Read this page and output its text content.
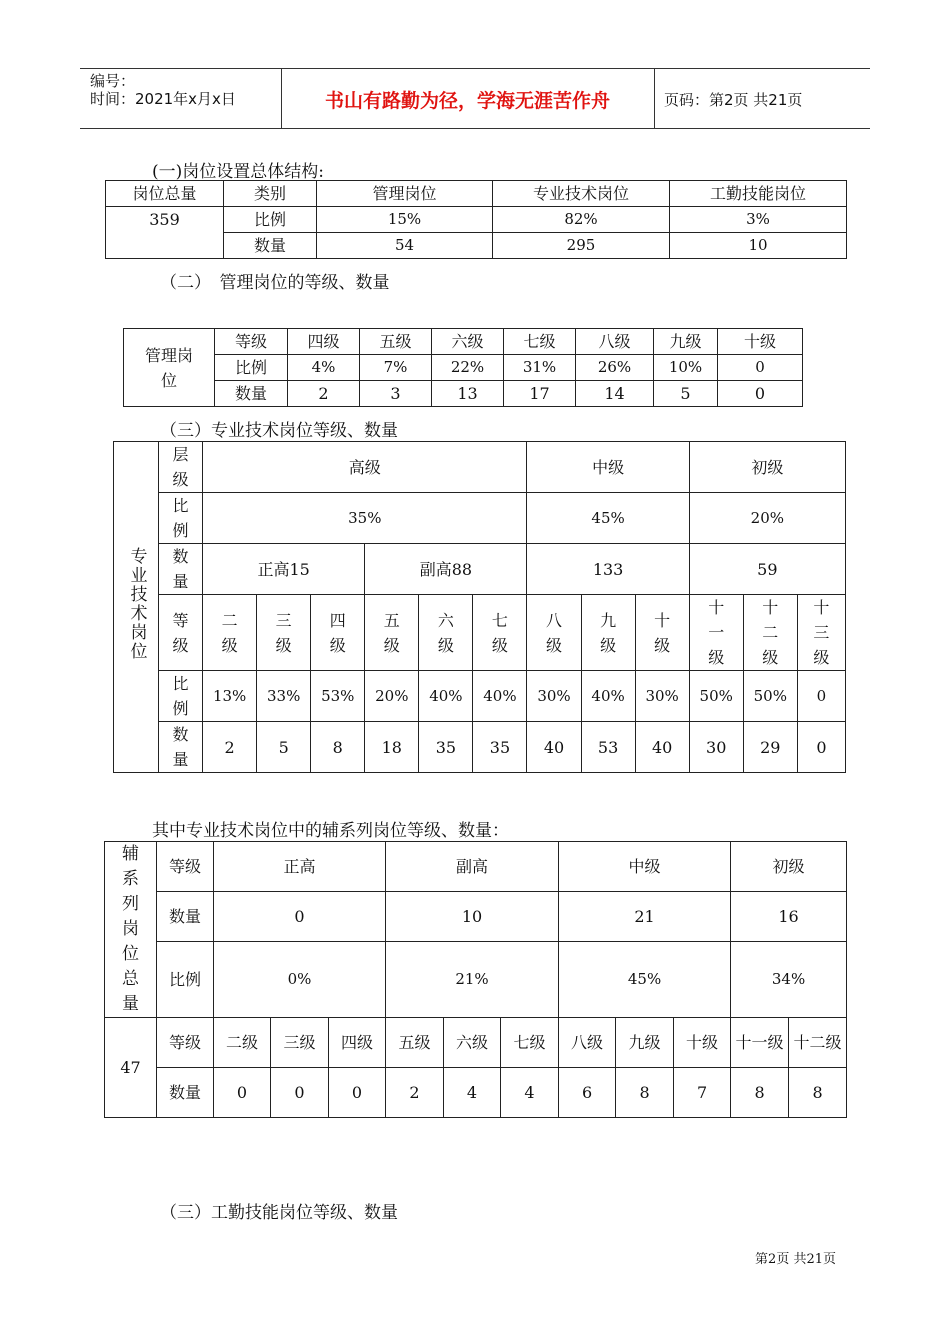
编号：
时间：2021年x月x日	书山有路勤为径，学海无涯苦作舟	页码：第2页 共21页
(一)岗位设置总体结构:
岗位总量	类别	管理岗位	专业技术岗位	工勤技能岗位
359	比例	15%	82%	3%
	数量	54	295	10
（二）　管理岗位的等级、数量
管理岗位	等级	四级	五级	六级	七级	八级	九级	十级
	比例	4%	7%	22%	31%	26%	10%	0
	数量	2	3	13	17	14	5	0
（三）专业技术岗位等级、数量
专业技术岗位	层级	高级						中级			初级		
	比例	35%						45%			20%		
	数量	正高15			副高88			133			59		
	等级	二级	三级	四级	五级	六级	七级	八级	九级	十级	十一级	十二级	十三级
	比例	13%	33%	53%	20%	40%	40%	30%	40%	30%	50%	50%	0
	数量	2	5	8	18	35	35	40	53	40	30	29	0
其中专业技术岗位中的辅系列岗位等级、数量：
辅系列岗位总量	等级	正高			副高			中级			初级	
	数量	0			10			21			16	
	比例	0%			21%			45%			34%	
47	等级	二级	三级	四级	五级	六级	七级	八级	九级	十级	十一级	十二级
	数量	0	0	0	2	4	4	6	8	7	8	8
（三）工勤技能岗位等级、数量
第2页 共21页
